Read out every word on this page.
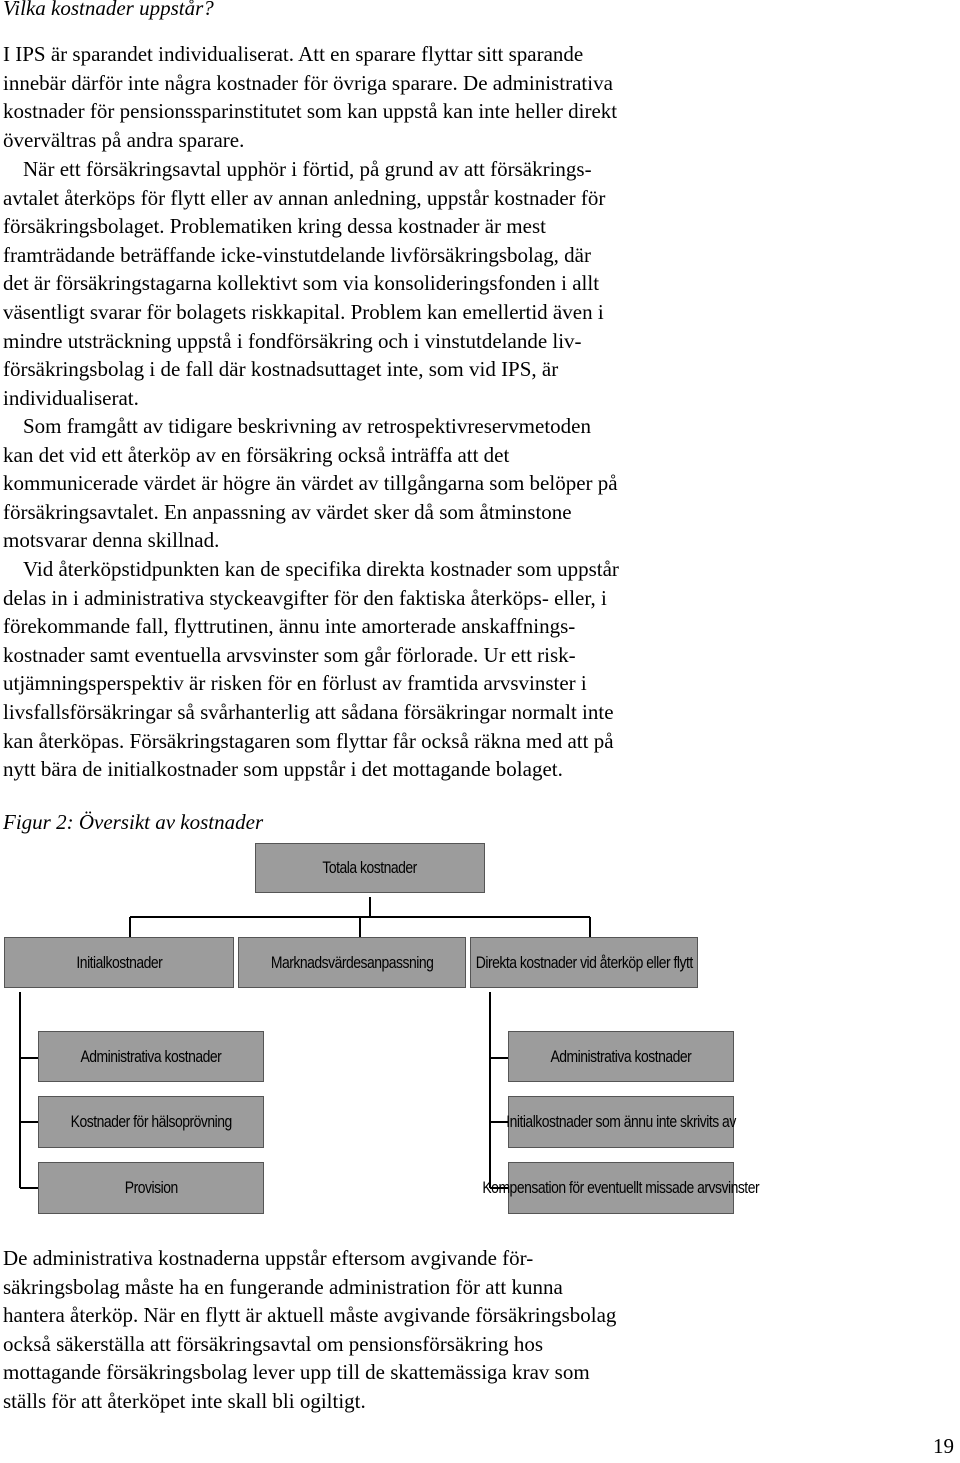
Vilka kostnader uppstår?
I IPS är sparandet individualiserat. Att en sparare flyttar sitt sparande
innebär därför inte några kostnader för övriga sparare. De administrativa
kostnader för pensionssparinstitutet som kan uppstå kan inte heller direkt
övervältras på andra sparare.
När ett försäkringsavtal upphör i förtid, på grund av att försäkrings-
avtalet återköps för flytt eller av annan anledning, uppstår kostnader för
försäkringsbolaget. Problematiken kring dessa kostnader är mest
framträdande beträffande icke-vinstutdelande livförsäkringsbolag, där
det är försäkringstagarna kollektivt som via konsolideringsfonden i allt
väsentligt svarar för bolagets riskkapital. Problem kan emellertid även i
mindre utsträckning uppstå i fondförsäkring och i vinstutdelande liv-
försäkringsbolag i de fall där kostnadsuttaget inte, som vid IPS, är
individualiserat.
Som framgått av tidigare beskrivning av retrospektivreservmetoden
kan det vid ett återköp av en försäkring också inträffa att det
kommunicerade värdet är högre än värdet av tillgångarna som belöper på
försäkringsavtalet. En anpassning av värdet sker då som åtminstone
motsvarar denna skillnad.
Vid återköpstidpunkten kan de specifika direkta kostnader som uppstår
delas in i administrativa styckeavgifter för den faktiska återköps- eller, i
förekommande fall, flyttrutinen, ännu inte amorterade anskaffnings-
kostnader samt eventuella arvsvinster som går förlorade. Ur ett risk-
utjämningsperspektiv är risken för en förlust av framtida arvsvinster i
livsfallsförsäkringar så svårhanterlig att sådana försäkringar normalt inte
kan återköpas. Försäkringstagaren som flyttar får också räkna med att på
nytt bära de initialkostnader som uppstår i det mottagande bolaget.
Figur 2: Översikt av kostnader
Totala kostnader
Initialkostnader	Marknadsvärdesanpassning Direkta kostnader vid återköp eller flytt
Administrativa kostnader
Kostnader för hälsoprövning
Provision
Administrativa kostnader
Initialkostnader som ännu inte skrivits av
Kompensation för eventuellt missade arvsvinster
De administrativa kostnaderna uppstår eftersom avgivande för-
säkringsbolag måste ha en fungerande administration för att kunna
hantera återköp. När en flytt är aktuell måste avgivande försäkringsbolag
också säkerställa att försäkringsavtal om pensionsförsäkring hos
mottagande försäkringsbolag lever upp till de skattemässiga krav som
ställs för att återköpet inte skall bli ogiltigt.
19
